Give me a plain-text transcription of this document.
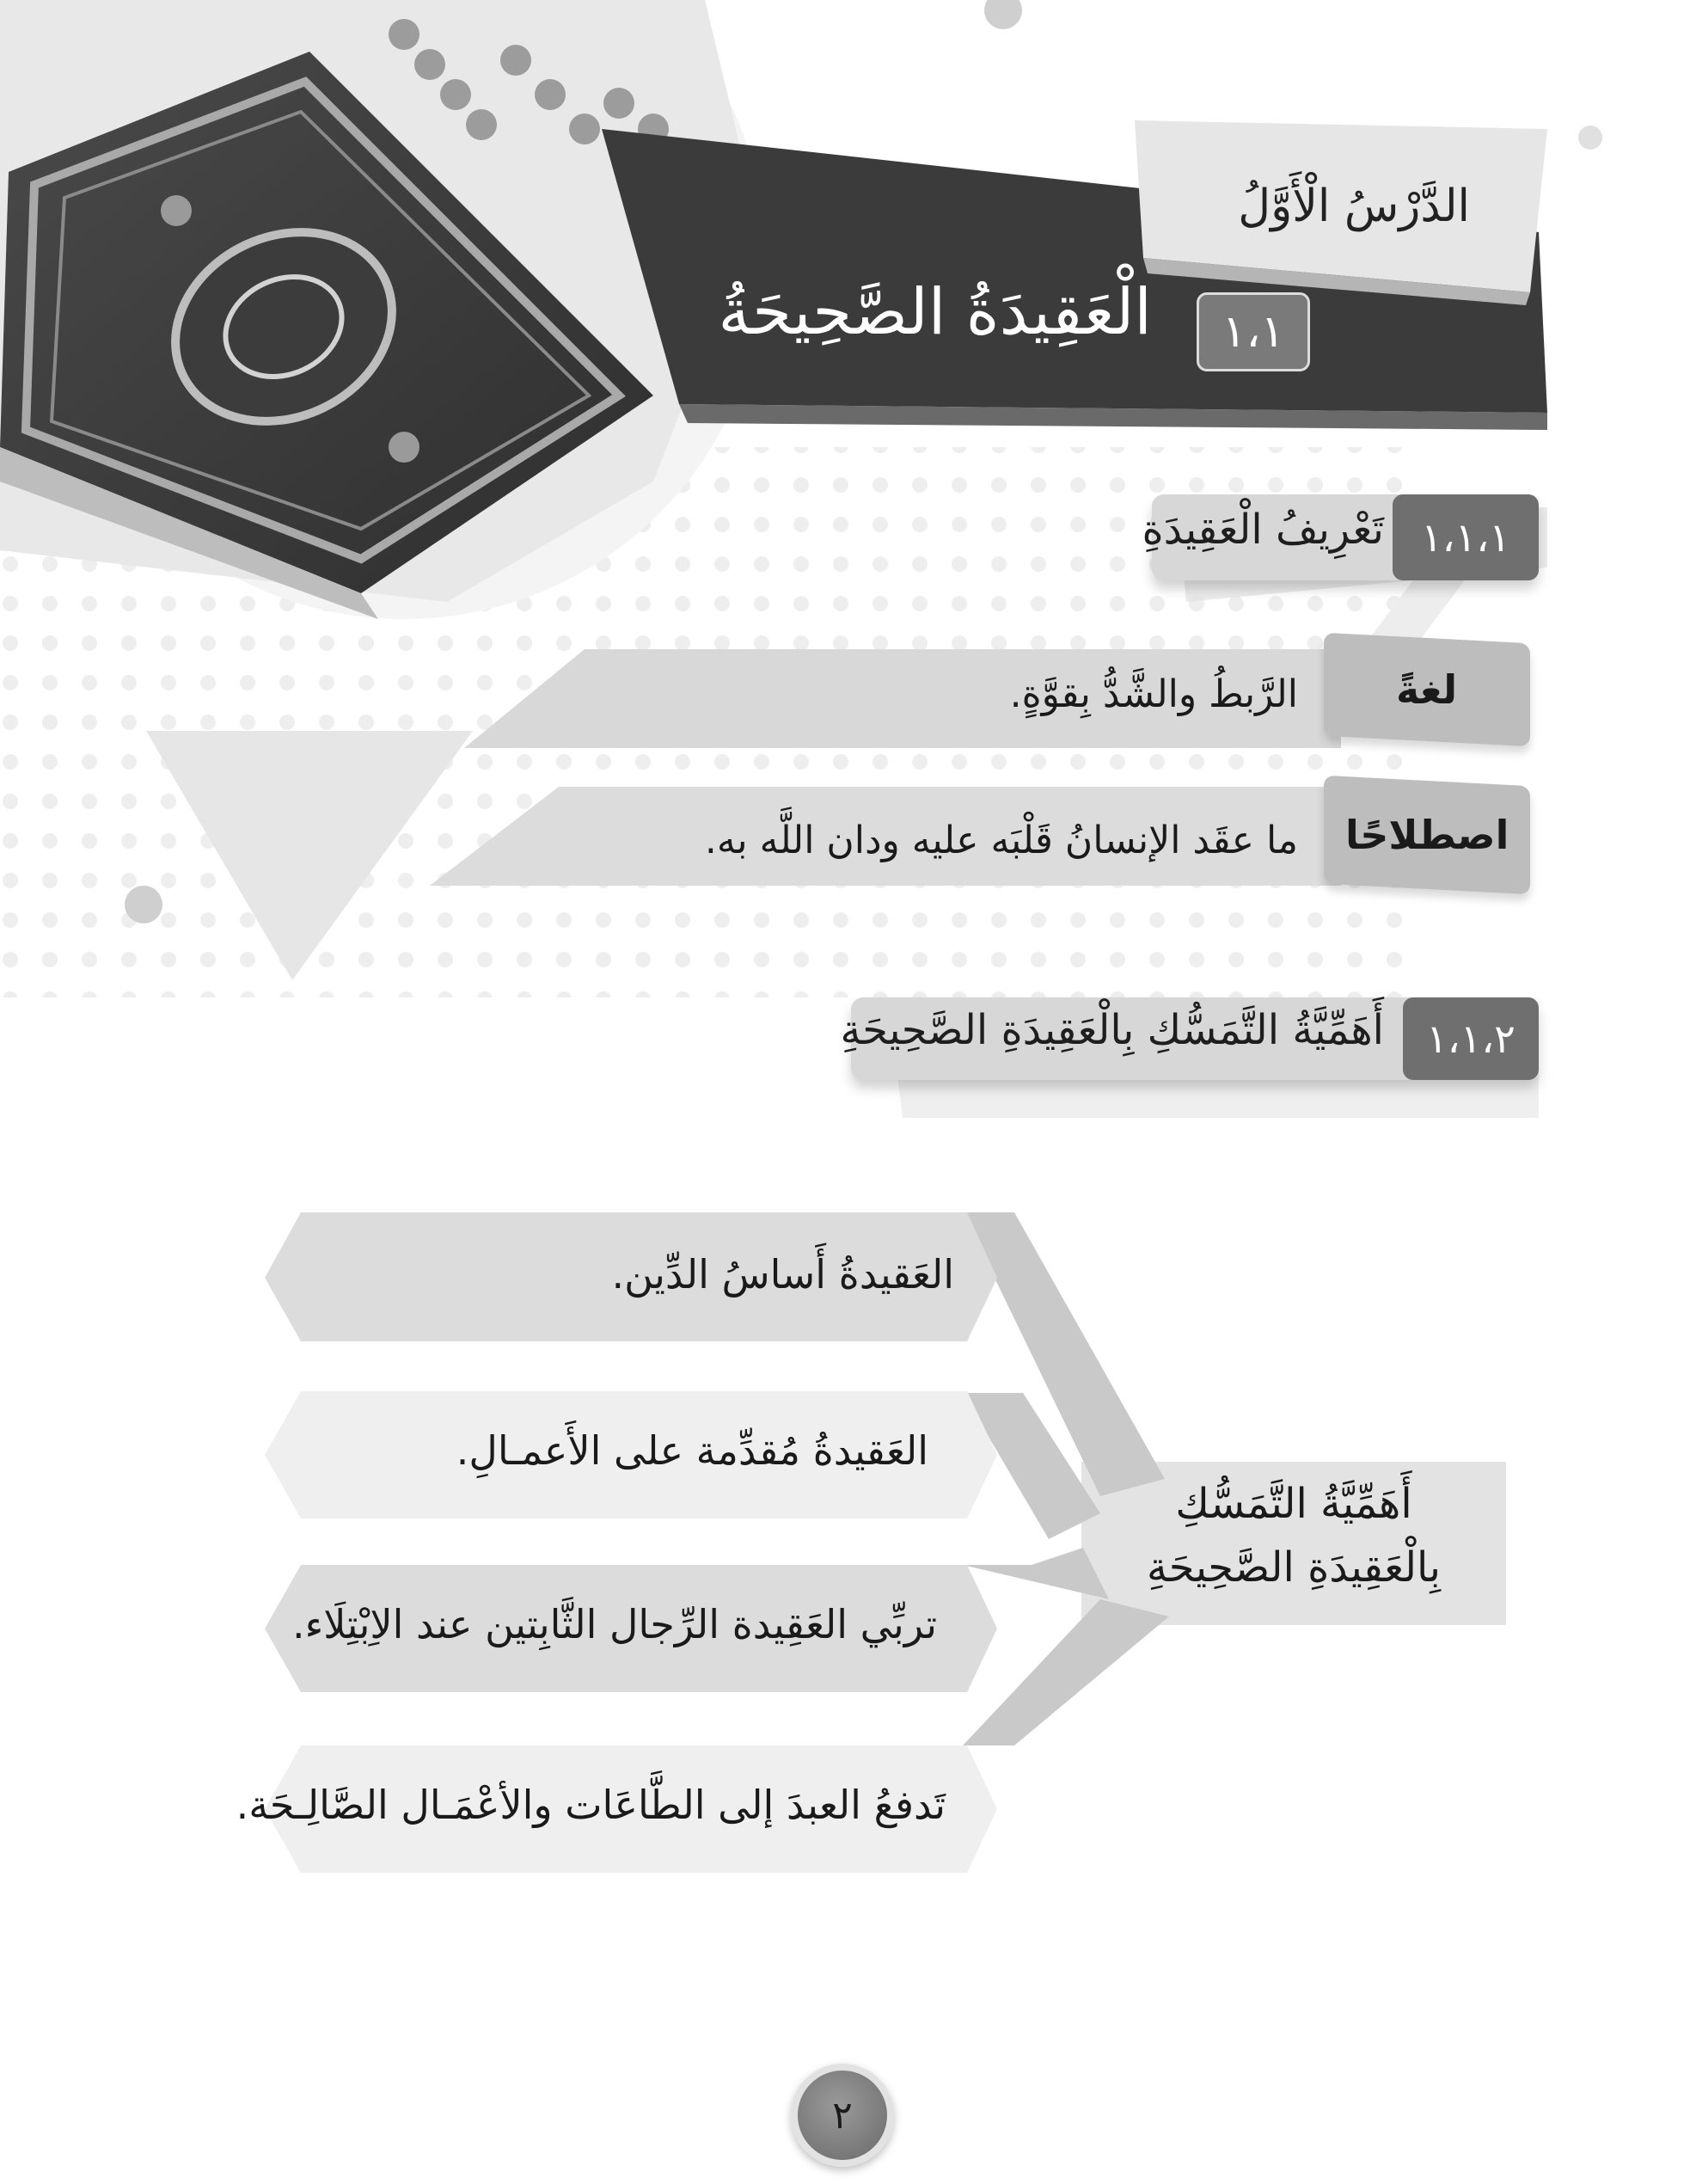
الدَّرْسُ الْأَوَّلُ
١،١
الْعَقِيدَةُ الصَّحِيحَةُ
١،١،١
تَعْرِيفُ الْعَقِيدَةِ
لغةً
الرَّبطُ والشَّدُّ بِقوَّةٍ.
اصطلاحًا
ما عقَد الإنسانُ قَلْبَه عليه ودان اللَّه به.
١،١،٢
أَهَمِّيَّةُ التَّمَسُّكِ بِالْعَقِيدَةِ الصَّحِيحَةِ
أَهَمِّيَّةُ التَّمَسُّكِ
بِالْعَقِيدَةِ الصَّحِيحَةِ
العَقيدةُ أَساسُ الدِّين.
العَقيدةُ مُقدِّمة على الأَعمـالِ.
تربِّي العَقِيدة الرِّجال الثَّابِتين عند الاِبْتِلَاء.
تَدفعُ العبدَ إلى الطَّاعَات والأعْمَـال الصَّالِـحَة.
٢
